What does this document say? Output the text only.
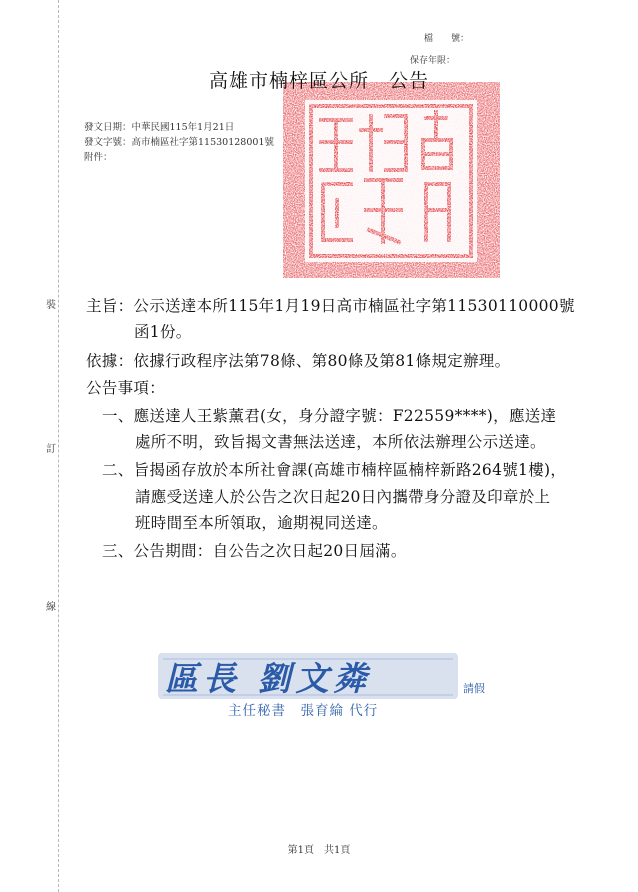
裝
訂
線
檔　　號：
保存年限：
高雄市楠梓區公所　公告
發文日期：中華民國115年1月21日
發文字號：高市楠區社字第11530128001號
附件：
主旨：公示送達本所115年1月19日高市楠區社字第11530110000號
函1份。
依據：依據行政程序法第78條、第80條及第81條規定辦理。
公告事項：
一、應送達人王紫薰君(女，身分證字號：F22559****)，應送達
處所不明，致旨揭文書無法送達，本所依法辦理公示送達。
二、旨揭函存放於本所社會課(高雄市楠梓區楠梓新路264號1樓)，
請應受送達人於公告之次日起20日內攜帶身分證及印章於上
班時間至本所領取，逾期視同送達。
三、公告期間：自公告之次日起20日屆滿。
區長 劉文粦	請假
主任秘書　張育綸 代行
第1頁　共1頁
